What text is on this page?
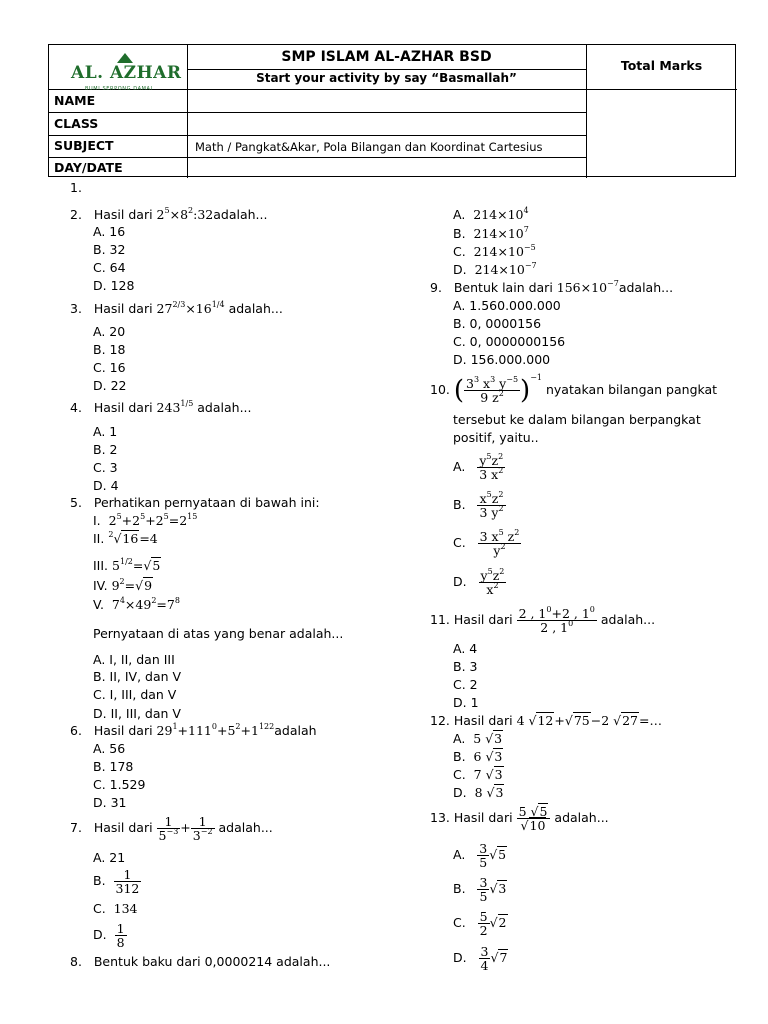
AL. AZHAR
BUMI SERPONG DAMAI
SMP ISLAM AL-AZHAR BSD
Start your activity by say “Basmallah”
Total Marks
NAME
CLASS
SUBJECT	Math / Pangkat&Akar, Pola Bilangan dan Koordinat Cartesius
DAY/DATE
1.
2. Hasil dari $2^5\times 8^2:32adalah$...
A. 16
B. 32
C. 64
D. 128
3. Hasil dari $27^{2/3}\times 16^{1/4}$ adalah...
A. 20
B. 18
C. 16
D. 22
4. Hasil dari $243^{1/5}$ adalah...
A. 1
B. 2
C. 3
D. 4
5. Perhatikan pernyataan di bawah ini:
I. $2^5+2^5+2^5=2^{15}$
II. $^2$√16=4
III. $5^{1/2}=√5$
IV. $9^2=√9$
V. $7^4\times 49^2=7^8$
Pernyataan di atas yang benar adalah...
A. I, II, dan III
B. II, IV, dan V
C. I, III, dan V
D. II, III, dan V
6. Hasil dari $29^1+111^0+5^2+1^{122}adalah$
A. 56
B. 178
C. 1.529
D. 31
7. Hasil dari $\frac{1}{5^{-3}} + \frac{1}{3^{-2}}$ adalah...
A. 21
B. $\frac{1}{312}$
C. 134
D. $\frac{1}{8}$
8. Bentuk baku dari 0,0000214 adalah...
A. $214\times 10^4$
B. $214\times 10^7$
C. $214\times 10^{-5}$
D. $214\times 10^{-7}$
9. Bentuk lain dari $156\times 10^{-7}adalah$...
A. 1.560.000.000
B. 0, 0000156
C. 0, 0000000156
D. 156.000.000
10. ( $\frac{3^3 x^3 y^{-5}}{9 z^2} )^{-1}$ nyatakan bilangan pangkat
tersebut ke dalam bilangan berpangkat
positif, yaitu..
A. $\frac{y^5z^2}{3 x^2}$
B. $\frac{x^5z^2}{3 y^2}$
C. $\frac{3 x^5 z^2}{y^2}$
D. $\frac{y^5z^2}{x^2}$
11. Hasil dari $\frac{2 , 1^0+2 , 1^0}{2 , 1^0}$ adalah...
A. 4
B. 3
C. 2
D. 1
12. Hasil dari 4 √12+√75−2 √27=…
A. 5 √3
B. 6 √3
C. 7 √3
D. 8 √3
13. Hasil dari $\frac{5 √5}{√10}$ adalah...
A. $\frac{3}{5} √5$
B. $\frac{3}{5} √3$
C. $\frac{5}{2} √2$
D. $\frac{3}{4} √7$
